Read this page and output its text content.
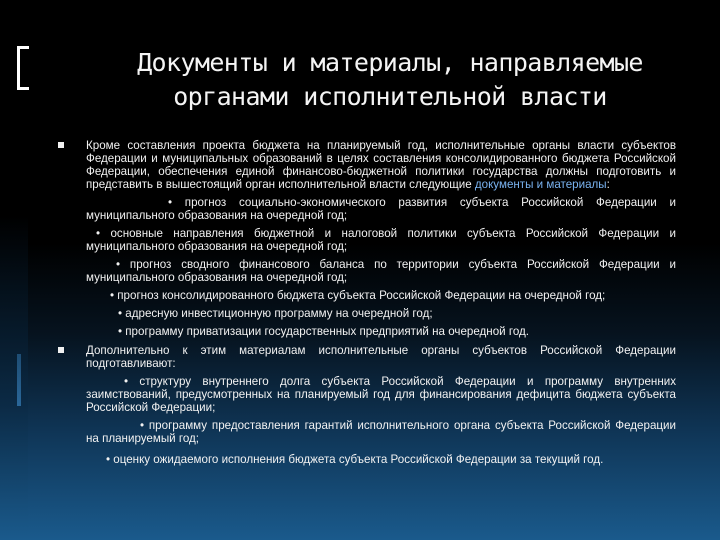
Документы и материалы, направляемые
органами исполнительной власти
Кроме составления проекта бюджета на планируемый год, исполнительные органы власти субъектов Федерации и муниципальных образований в целях составления консолидированного бюджета Российской Федерации, обеспечения единой финансово-бюджетной политики государства должны подготовить и представить в вышестоящий орган исполнительной власти следующие документы и материалы:
• прогноз социально-экономического развития субъекта Российской Федерации и муниципального образования на очередной год;
• основные направления бюджетной и налоговой политики субъекта Российской Федерации и муниципального образования на очередной год;
• прогноз сводного финансового баланса по территории субъекта Российской Федерации и муниципального образования на очередной год;
• прогноз консолидированного бюджета субъекта Российской Федерации на очередной год;
• адресную инвестиционную программу на очередной год;
• программу приватизации государственных предприятий на очередной год.
Дополнительно к этим материалам исполнительные органы субъектов Российской Федерации подготавливают:
• структуру внутреннего долга субъекта Российской Федерации и программу внутренних заимствований, предусмотренных на планируемый год для финансирования дефицита бюджета субъекта Российской Федерации;
• программу предоставления гарантий исполнительного органа субъекта Российской Федерации на планируемый год;
• оценку ожидаемого исполнения бюджета субъекта Российской Федерации за текущий год.
